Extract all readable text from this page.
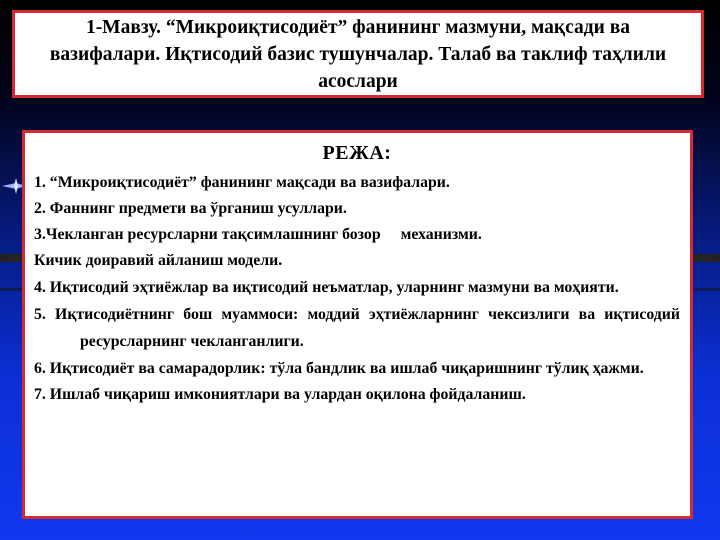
1-Мавзу. “Микроиқтисодиёт” фанининг мазмуни, мақсади ва вазифалари. Иқтисодий базис тушунчалар. Талаб ва таклиф таҳлили асослари
РЕЖА:
1. “Микроиқтисодиёт” фанининг мақсади ва вазифалари.
2. Фаннинг предмети ва ўрганиш усуллари.
3.Чекланган ресурсларни тақсимлашнинг бозор механизми.
Кичик доиравий айланиш модели.
4. Иқтисодий эҳтиёжлар ва иқтисодий неъматлар, уларнинг мазмуни ва моҳияти.
5. Иқтисодиётнинг бош муаммоси: моддий эҳтиёжларнинг чексизлиги ва иқтисодий ресурсларнинг чекланганлиги.
6. Иқтисодиёт ва самарадорлик: тўла бандлик ва ишлаб чиқаришнинг тўлиқ ҳажми.
7. Ишлаб чиқариш имкониятлари ва улардан оқилона фойдаланиш.
